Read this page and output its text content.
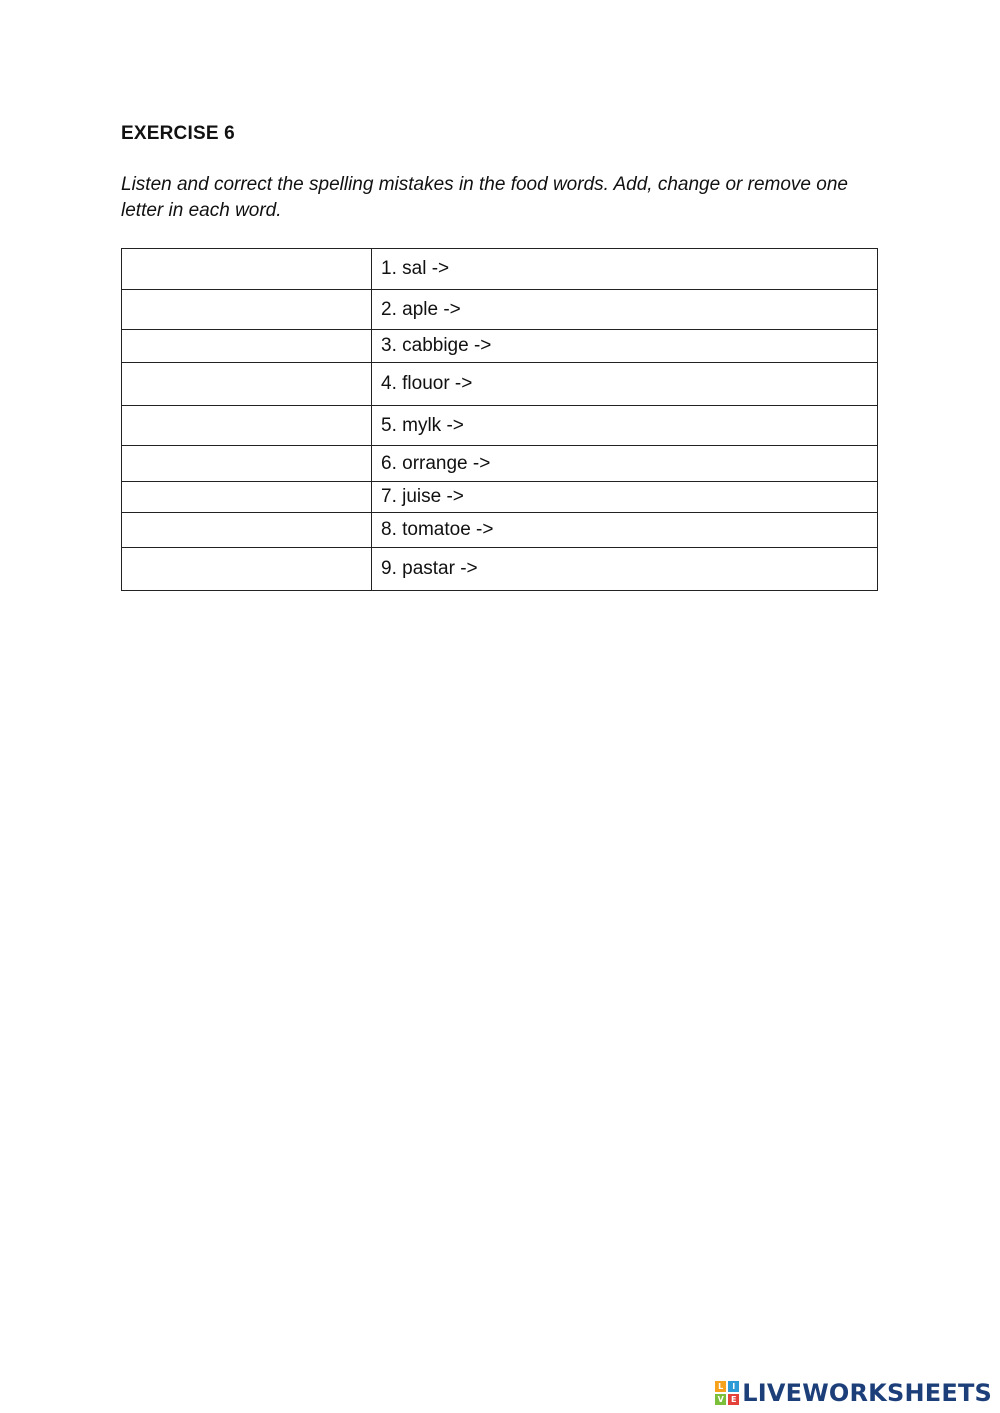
EXERCISE 6
Listen and correct the spelling mistakes in the food words. Add, change or remove one letter in each word.
	1. sal ->
	2. aple ->
	3. cabbige ->
	4. flouor ->
	5. mylk ->
	6. orrange ->
	7. juise ->
	8. tomatoe ->
	9. pastar ->
L	I
V E LIVEWORKSHEETS
